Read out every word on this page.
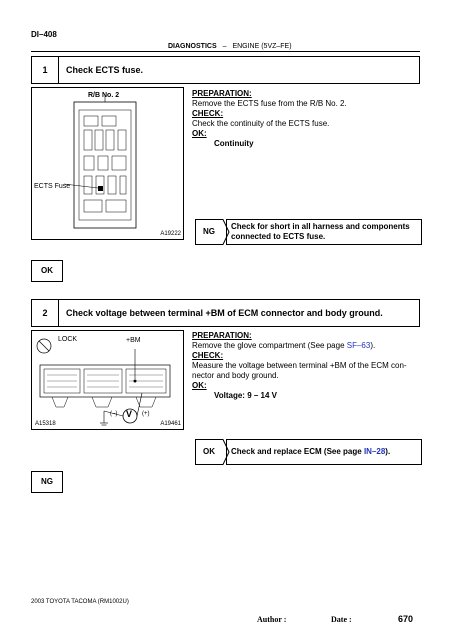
DI–408
DIAGNOSTICS – ENGINE (5VZ–FE)
1	Check ECTS fuse.
R/B No. 2
ECTS Fuse
A19222
PREPARATION:
Remove the ECTS fuse from the R/B No. 2.
CHECK:
Check the continuity of the ECTS fuse.
OK:
Continuity
NG
Check for short in all harness and components
connected to ECTS fuse.
OK
2	Check voltage between terminal +BM of ECM connector and body ground.
LOCK	+BM
(–) V (+)
A15318	A19461
PREPARATION:
Remove the glove compartment (See page SF–63).
CHECK:
Measure the voltage between terminal +BM of the ECM con-
nector and body ground.
OK:
Voltage: 9 – 14 V
OK	Check and replace ECM (See page IN–28).
NG
2003 TOYOTA TACOMA (RM1002U)
Author :	Date :	670
